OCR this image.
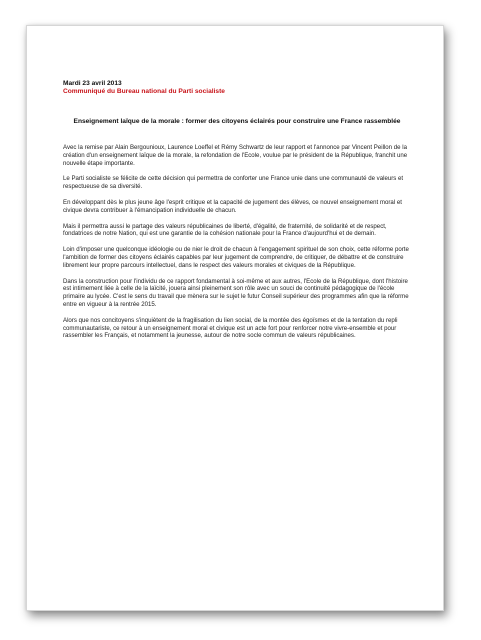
Mardi 23 avril 2013
Communiqué du Bureau national du Parti socialiste
Enseignement laïque de la morale : former des citoyens éclairés pour construire une France rassemblée

Avec la remise par Alain Bergounioux, Laurence Loeffel et Rémy Schwartz de leur rapport et l'annonce par Vincent Peillon de la création d'un enseignement laïque de la morale, la refondation de l'Ecole, voulue par le président de la République, franchit une nouvelle étape importante.

Le Parti socialiste se félicite de cette décision qui permettra de conforter une France unie dans une communauté de valeurs et respectueuse de sa diversité.

En développant dès le plus jeune âge l'esprit critique et la capacité de jugement des élèves, ce nouvel enseignement moral et civique devra contribuer à l'émancipation individuelle de chacun.

Mais il permettra aussi le partage des valeurs républicaines de liberté, d'égalité, de fraternité, de solidarité et de respect, fondatrices de notre Nation, qui est une garantie de la cohésion nationale pour la France d'aujourd'hui et de demain.

Loin d'imposer une quelconque idéologie ou de nier le droit de chacun à l'engagement spirituel de son choix, cette réforme porte l'ambition de former des citoyens éclairés capables par leur jugement de comprendre, de critiquer, de débattre et de construire librement leur propre parcours intellectuel, dans le respect des valeurs morales et civiques de la République.

Dans la construction pour l'individu de ce rapport fondamental à soi-même et aux autres, l'Ecole de la République, dont l'histoire est intimement liée à celle de la laïcité, jouera ainsi pleinement son rôle avec un souci de continuité pédagogique de l'école primaire au lycée. C'est le sens du travail que mènera sur le sujet le futur Conseil supérieur des programmes afin que la réforme entre en vigueur à la rentrée 2015.

Alors que nos concitoyens s'inquiètent de la fragilisation du lien social, de la montée des égoïsmes et de la tentation du repli communautariste, ce retour à un enseignement moral et civique est un acte fort pour renforcer notre vivre-ensemble et pour rassembler les Français, et notamment la jeunesse, autour de notre socle commun de valeurs républicaines.
